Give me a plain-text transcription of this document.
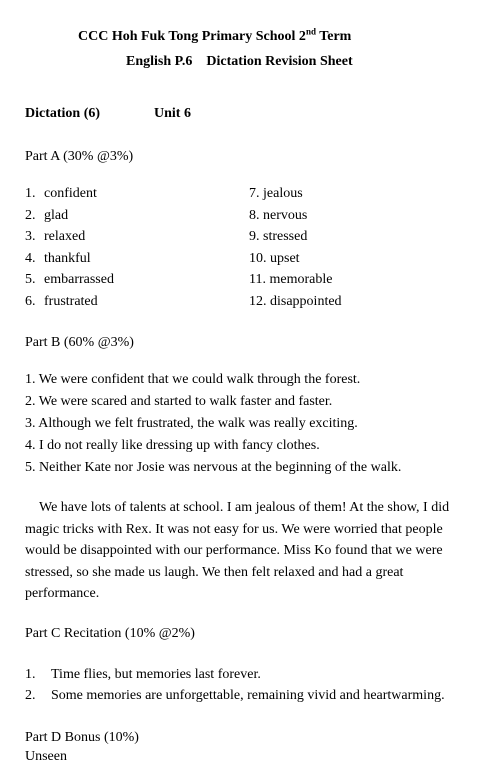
CCC Hoh Fuk Tong Primary School 2nd Term
English P.6    Dictation Revision Sheet
Dictation (6)	Unit 6
Part A (30% @3%)
1. confident
2. glad
3. relaxed
4. thankful
5. embarrassed
6. frustrated
7. jealous
8. nervous
9. stressed
10. upset
11. memorable
12. disappointed
Part B (60% @3%)
1. We were confident that we could walk through the forest.
2. We were scared and started to walk faster and faster.
3. Although we felt frustrated, the walk was really exciting.
4. I do not really like dressing up with fancy clothes.
5. Neither Kate nor Josie was nervous at the beginning of the walk.
We have lots of talents at school. I am jealous of them! At the show, I did magic tricks with Rex. It was not easy for us. We were worried that people would be disappointed with our performance. Miss Ko found that we were stressed, so she made us laugh. We then felt relaxed and had a great performance.
Part C Recitation (10% @2%)
1. Time flies, but memories last forever.
2. Some memories are unforgettable, remaining vivid and heartwarming.
Part D Bonus (10%)
Unseen
